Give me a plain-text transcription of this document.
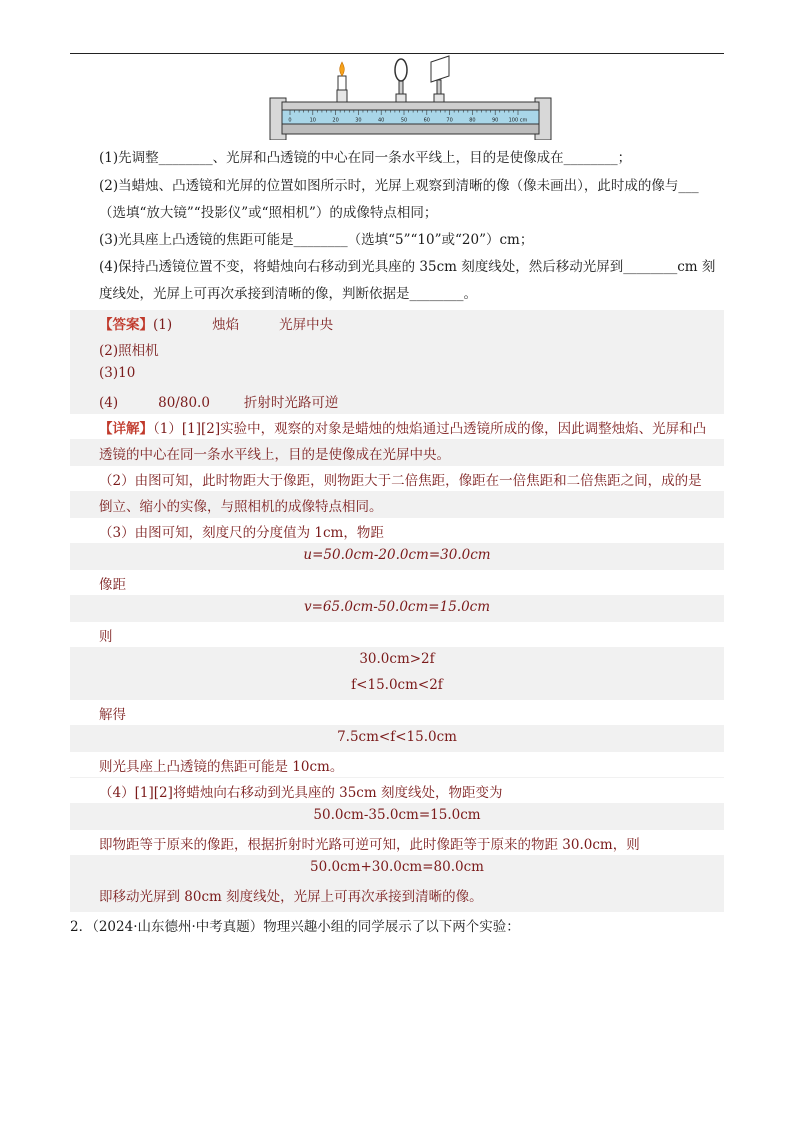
0	10	20	30	40	50	60	70	80	90 100 cm
(1)先调整________、光屏和凸透镜的中心在同一条水平线上，目的是使像成在________；
(2)当蜡烛、凸透镜和光屏的位置如图所示时，光屏上观察到清晰的像（像未画出），此时成的像与___
（选填“放大镜”“投影仪”或“照相机”）的成像特点相同；
(3)光具座上凸透镜的焦距可能是________（选填“5”“10”或“20”）cm；
(4)保持凸透镜位置不变，将蜡烛向右移动到光具座的 35cm 刻度线处，然后移动光屏到________cm 刻
度线处，光屏上可再次承接到清晰的像，判断依据是________。
【答案】(1)	烛焰	光屏中央
(2)照相机
(3)10
(4)	80/80.0	折射时光路可逆
【详解】（1）[1][2]实验中，观察的对象是蜡烛的烛焰通过凸透镜所成的像，因此调整烛焰、光屏和凸
透镜的中心在同一条水平线上，目的是使像成在光屏中央。
（2）由图可知，此时物距大于像距，则物距大于二倍焦距，像距在一倍焦距和二倍焦距之间，成的是
倒立、缩小的实像，与照相机的成像特点相同。
（3）由图可知，刻度尺的分度值为 1cm，物距
u=50.0cm-20.0cm=30.0cm
像距
v=65.0cm-50.0cm=15.0cm
则
30.0cm>2f
f<15.0cm<2f
解得
7.5cm<f<15.0cm
则光具座上凸透镜的焦距可能是 10cm。
（4）[1][2]将蜡烛向右移动到光具座的 35cm 刻度线处，物距变为
50.0cm-35.0cm=15.0cm
即物距等于原来的像距，根据折射时光路可逆可知，此时像距等于原来的物距 30.0cm，则
50.0cm+30.0cm=80.0cm
即移动光屏到 80cm 刻度线处，光屏上可再次承接到清晰的像。
2．（2024·山东德州·中考真题）物理兴趣小组的同学展示了以下两个实验：
